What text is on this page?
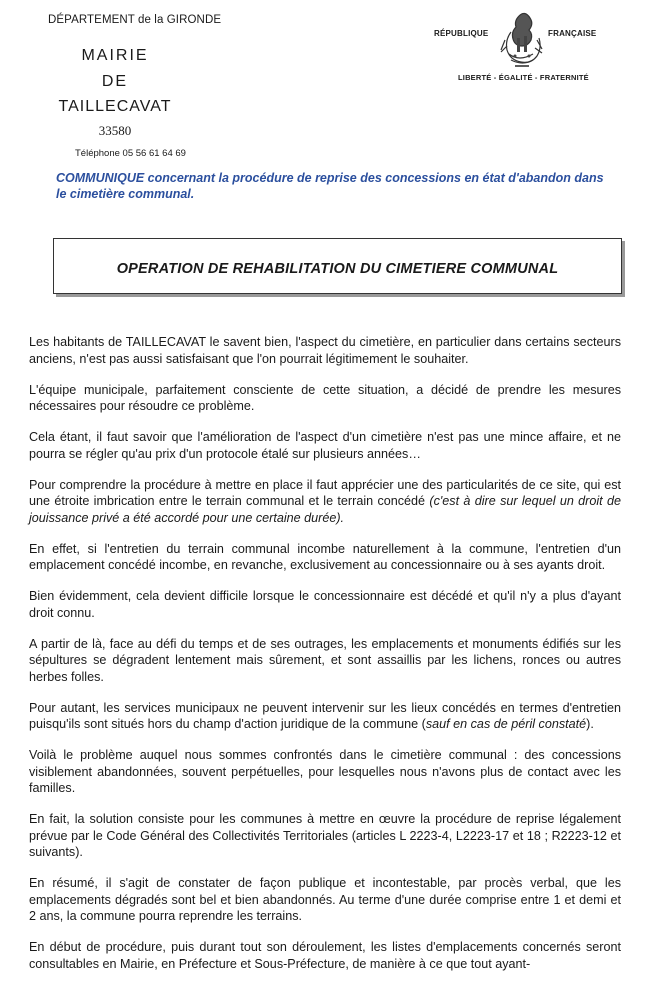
DÉPARTEMENT de la GIRONDE
MAIRIE
DE
TAILLECAVAT
33580
Téléphone 05 56 61 64 69
RÉPUBLIQUE	FRANÇAISE
LIBERTÉ - ÉGALITÉ - FRATERNITÉ
COMMUNIQUE concernant la procédure de reprise des concessions en état d'abandon dans le cimetière communal.
OPERATION DE REHABILITATION DU CIMETIERE COMMUNAL

Les habitants de TAILLECAVAT le savent bien, l'aspect du cimetière, en particulier dans certains secteurs anciens, n'est pas aussi satisfaisant que l'on pourrait légitimement le souhaiter.

L'équipe municipale, parfaitement consciente de cette situation, a décidé de prendre les mesures nécessaires pour résoudre ce problème.

Cela étant, il faut savoir que l'amélioration de l'aspect d'un cimetière n'est pas une mince affaire, et ne pourra se régler qu'au prix d'un protocole étalé sur plusieurs années…

Pour comprendre la procédure à mettre en place il faut apprécier une des particularités de ce site, qui est une étroite imbrication entre le terrain communal et le terrain concédé (c'est à dire sur lequel un droit de jouissance privé a été accordé pour une certaine durée).

En effet, si l'entretien du terrain communal incombe naturellement à la commune, l'entretien d'un emplacement concédé incombe, en revanche, exclusivement au concessionnaire ou à ses ayants droit.

Bien évidemment, cela devient difficile lorsque le concessionnaire est décédé et qu'il n'y a plus d'ayant droit connu.

A partir de là, face au défi du temps et de ses outrages, les emplacements et monuments édifiés sur les sépultures se dégradent lentement mais sûrement, et sont assaillis par les lichens, ronces ou autres herbes folles.

Pour autant, les services municipaux ne peuvent intervenir sur les lieux concédés en termes d'entretien puisqu'ils sont situés hors du champ d'action juridique de la commune (sauf en cas de péril constaté).

Voilà le problème auquel nous sommes confrontés dans le cimetière communal : des concessions visiblement abandonnées, souvent perpétuelles, pour lesquelles nous n'avons plus de contact avec les familles.

En fait, la solution consiste pour les communes à mettre en œuvre la procédure de reprise légalement prévue par le Code Général des Collectivités Territoriales (articles L 2223-4, L2223-17 et 18 ; R2223-12 et suivants).

En résumé, il s'agit de constater de façon publique et incontestable, par procès verbal, que les emplacements dégradés sont bel et bien abandonnés. Au terme d'une durée comprise entre 1 et demi et 2 ans, la commune pourra reprendre les terrains.

En début de procédure, puis durant tout son déroulement, les listes d'emplacements concernés seront consultables en Mairie, en Préfecture et Sous-Préfecture, de manière à ce que tout ayant-
